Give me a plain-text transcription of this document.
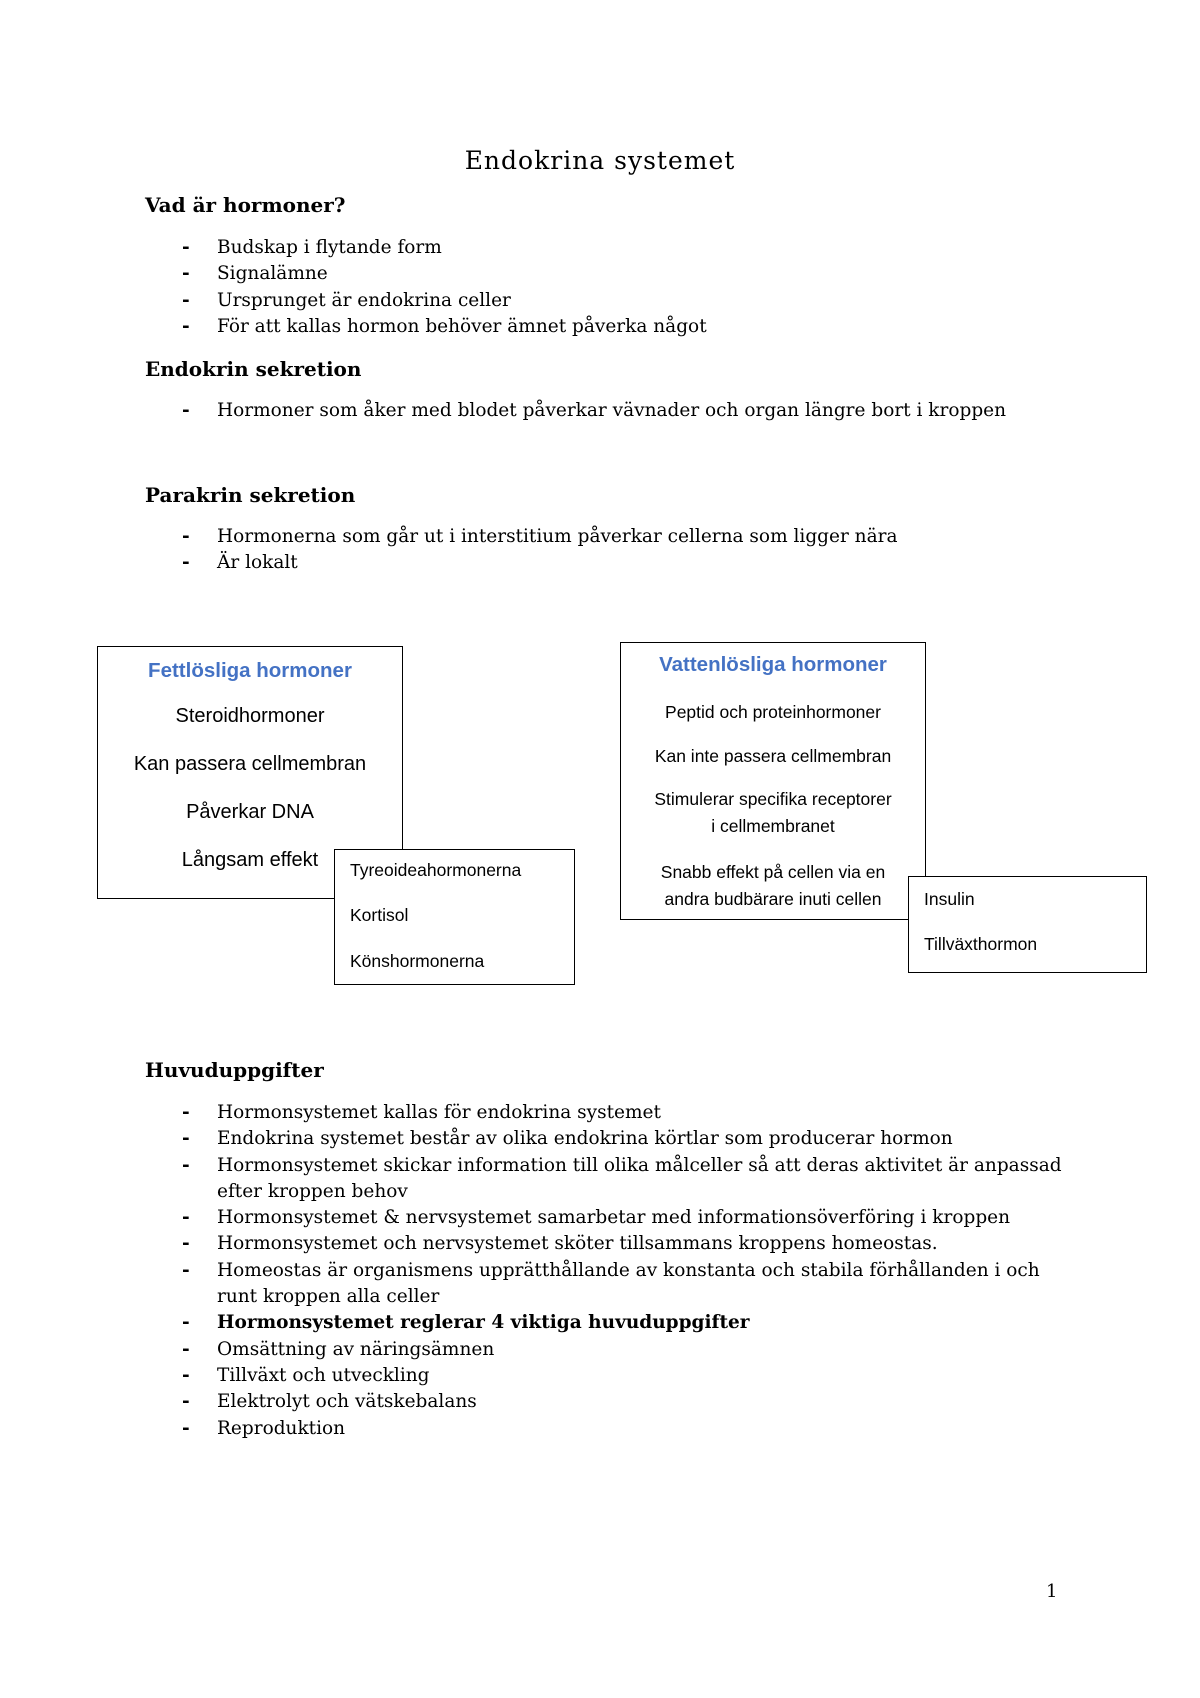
Endokrina systemet
Vad är hormoner?
- Budskap i flytande form
- Signalämne
- Ursprunget är endokrina celler
- För att kallas hormon behöver ämnet påverka något
Endokrin sekretion
- Hormoner som åker med blodet påverkar vävnader och organ längre bort i kroppen
Parakrin sekretion
- Hormonerna som går ut i interstitium påverkar cellerna som ligger nära
- Är lokalt
Fettlösliga hormoner
Steroidhormoner
Kan passera cellmembran
Påverkar DNA
Långsam effekt	Tyreoideahormonerna
Kortisol
Könshormonerna
Vattenlösliga hormoner
Peptid och proteinhormoner
Kan inte passera cellmembran
Stimulerar specifika receptorer
i cellmembranet
Snabb effekt på cellen via en
andra budbärare inuti cellen	Insulin
Tillväxthormon
Huvuduppgifter
- Hormonsystemet kallas för endokrina systemet
- Endokrina systemet består av olika endokrina körtlar som producerar hormon
- Hormonsystemet skickar information till olika målceller så att deras aktivitet är anpassad efter kroppen behov
- Hormonsystemet & nervsystemet samarbetar med informationsöverföring i kroppen
- Hormonsystemet och nervsystemet sköter tillsammans kroppens homeostas.
- Homeostas är organismens upprätthållande av konstanta och stabila förhållanden i och runt kroppen alla celler
- Hormonsystemet reglerar 4 viktiga huvuduppgifter
- Omsättning av näringsämnen
- Tillväxt och utveckling
- Elektrolyt och vätskebalans
- Reproduktion
1
